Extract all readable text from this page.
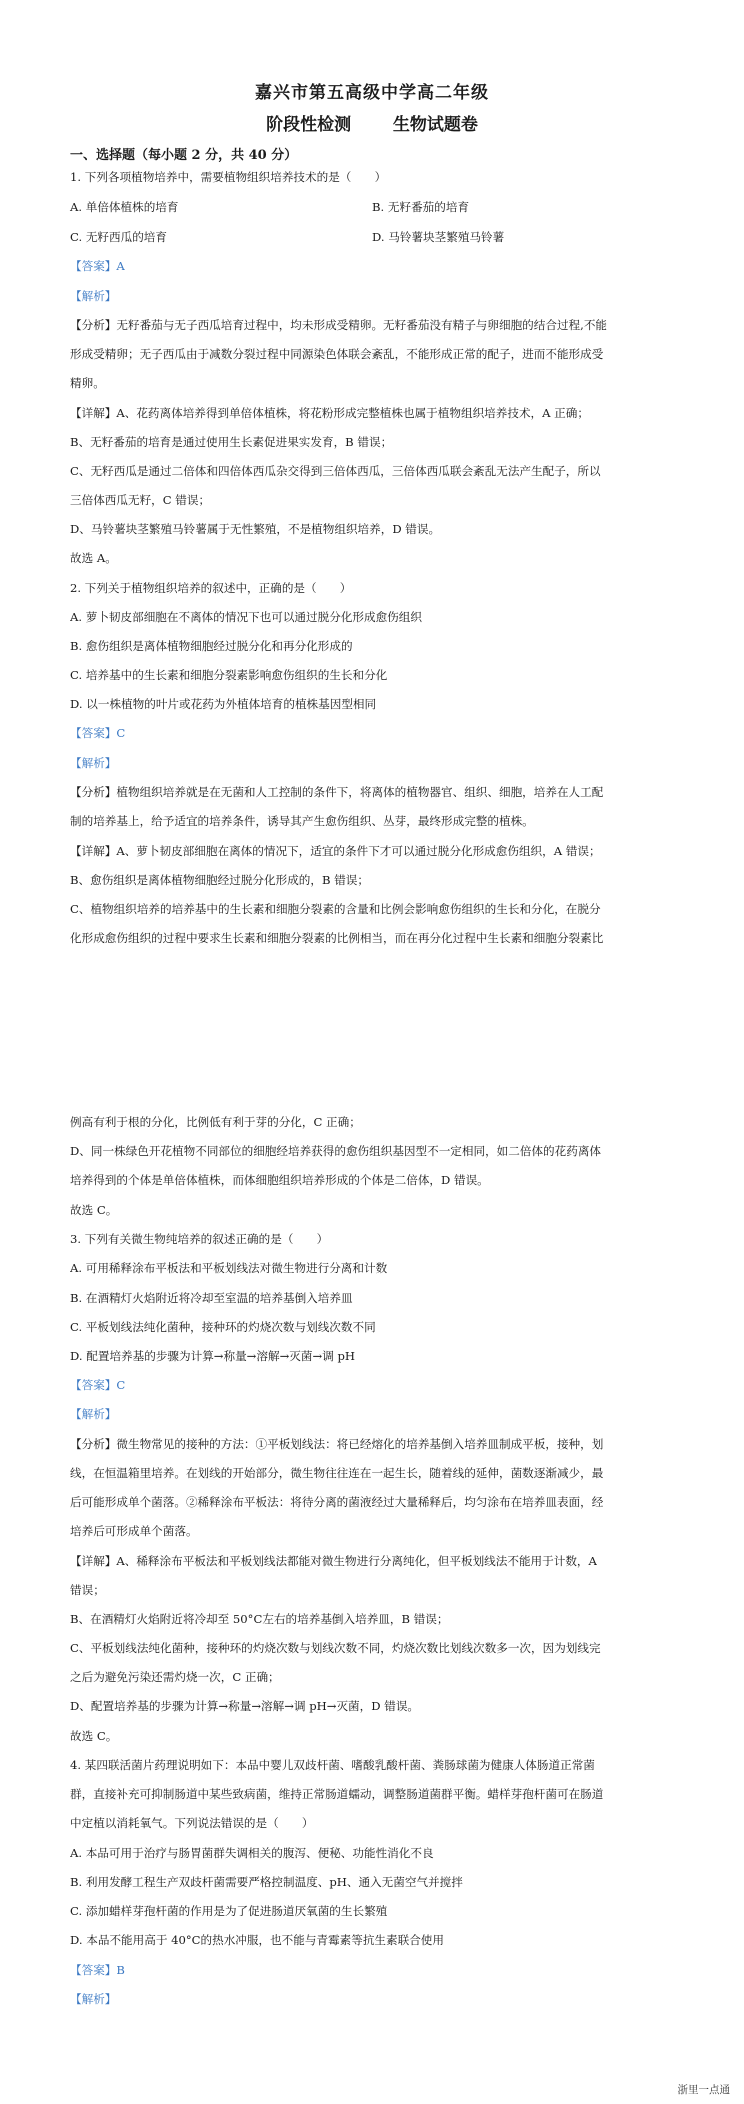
嘉兴市第五高级中学高二年级
阶段性检测 生物试题卷
一、选择题（每小题 2 分，共 40 分）
1. 下列各项植物培养中，需要植物组织培养技术的是（　　）
A. 单倍体植株的培育	B. 无籽番茄的培育
C. 无籽西瓜的培育	D. 马铃薯块茎繁殖马铃薯
【答案】A
【解析】
【分析】无籽番茄与无子西瓜培育过程中，均未形成受精卵。无籽番茄没有精子与卵细胞的结合过程,不能
形成受精卵；无子西瓜由于减数分裂过程中同源染色体联会紊乱，不能形成正常的配子，进而不能形成受
精卵。
【详解】A、花药离体培养得到单倍体植株，将花粉形成完整植株也属于植物组织培养技术，A 正确；
B、无籽番茄的培育是通过使用生长素促进果实发育，B 错误；
C、无籽西瓜是通过二倍体和四倍体西瓜杂交得到三倍体西瓜，三倍体西瓜联会紊乱无法产生配子，所以
三倍体西瓜无籽，C 错误；
D、马铃薯块茎繁殖马铃薯属于无性繁殖，不是植物组织培养，D 错误。
故选 A。
2. 下列关于植物组织培养的叙述中，正确的是（　　）
A. 萝卜韧皮部细胞在不离体的情况下也可以通过脱分化形成愈伤组织
B. 愈伤组织是离体植物细胞经过脱分化和再分化形成的
C. 培养基中的生长素和细胞分裂素影响愈伤组织的生长和分化
D. 以一株植物的叶片或花药为外植体培育的植株基因型相同
【答案】C
【解析】
【分析】植物组织培养就是在无菌和人工控制的条件下，将离体的植物器官、组织、细胞，培养在人工配
制的培养基上，给予适宜的培养条件，诱导其产生愈伤组织、丛芽，最终形成完整的植株。
【详解】A、萝卜韧皮部细胞在离体的情况下，适宜的条件下才可以通过脱分化形成愈伤组织，A 错误；
B、愈伤组织是离体植物细胞经过脱分化形成的，B 错误；
C、植物组织培养的培养基中的生长素和细胞分裂素的含量和比例会影响愈伤组织的生长和分化，在脱分
化形成愈伤组织的过程中要求生长素和细胞分裂素的比例相当，而在再分化过程中生长素和细胞分裂素比
例高有利于根的分化，比例低有利于芽的分化，C 正确；
D、同一株绿色开花植物不同部位的细胞经培养获得的愈伤组织基因型不一定相同，如二倍体的花药离体
培养得到的个体是单倍体植株，而体细胞组织培养形成的个体是二倍体，D 错误。
故选 C。
3. 下列有关微生物纯培养的叙述正确的是（　　）
A. 可用稀释涂布平板法和平板划线法对微生物进行分离和计数
B. 在酒精灯火焰附近将冷却至室温的培养基倒入培养皿
C. 平板划线法纯化菌种，接种环的灼烧次数与划线次数不同
D. 配置培养基的步骤为计算→称量→溶解→灭菌→调 pH
【答案】C
【解析】
【分析】微生物常见的接种的方法：①平板划线法：将已经熔化的培养基倒入培养皿制成平板，接种，划
线，在恒温箱里培养。在划线的开始部分，微生物往往连在一起生长，随着线的延伸，菌数逐渐减少，最
后可能形成单个菌落。②稀释涂布平板法：将待分离的菌液经过大量稀释后，均匀涂布在培养皿表面，经
培养后可形成单个菌落。
【详解】A、稀释涂布平板法和平板划线法都能对微生物进行分离纯化，但平板划线法不能用于计数，A
错误；
B、在酒精灯火焰附近将冷却至 50°C左右的培养基倒入培养皿，B 错误；
C、平板划线法纯化菌种，接种环的灼烧次数与划线次数不同，灼烧次数比划线次数多一次，因为划线完
之后为避免污染还需灼烧一次，C 正确；
D、配置培养基的步骤为计算→称量→溶解→调 pH→灭菌，D 错误。
故选 C。
4. 某四联活菌片药理说明如下：本品中婴儿双歧杆菌、嗜酸乳酸杆菌、粪肠球菌为健康人体肠道正常菌
群，直接补充可抑制肠道中某些致病菌，维持正常肠道蠕动，调整肠道菌群平衡。蜡样芽孢杆菌可在肠道
中定植以消耗氧气。下列说法错误的是（　　）
A. 本品可用于治疗与肠胃菌群失调相关的腹泻、便秘、功能性消化不良
B. 利用发酵工程生产双歧杆菌需要严格控制温度、pH、通入无菌空气并搅拌
C. 添加蜡样芽孢杆菌的作用是为了促进肠道厌氧菌的生长繁殖
D. 本品不能用高于 40°C的热水冲服，也不能与青霉素等抗生素联合使用
【答案】B
【解析】
浙里一点通
